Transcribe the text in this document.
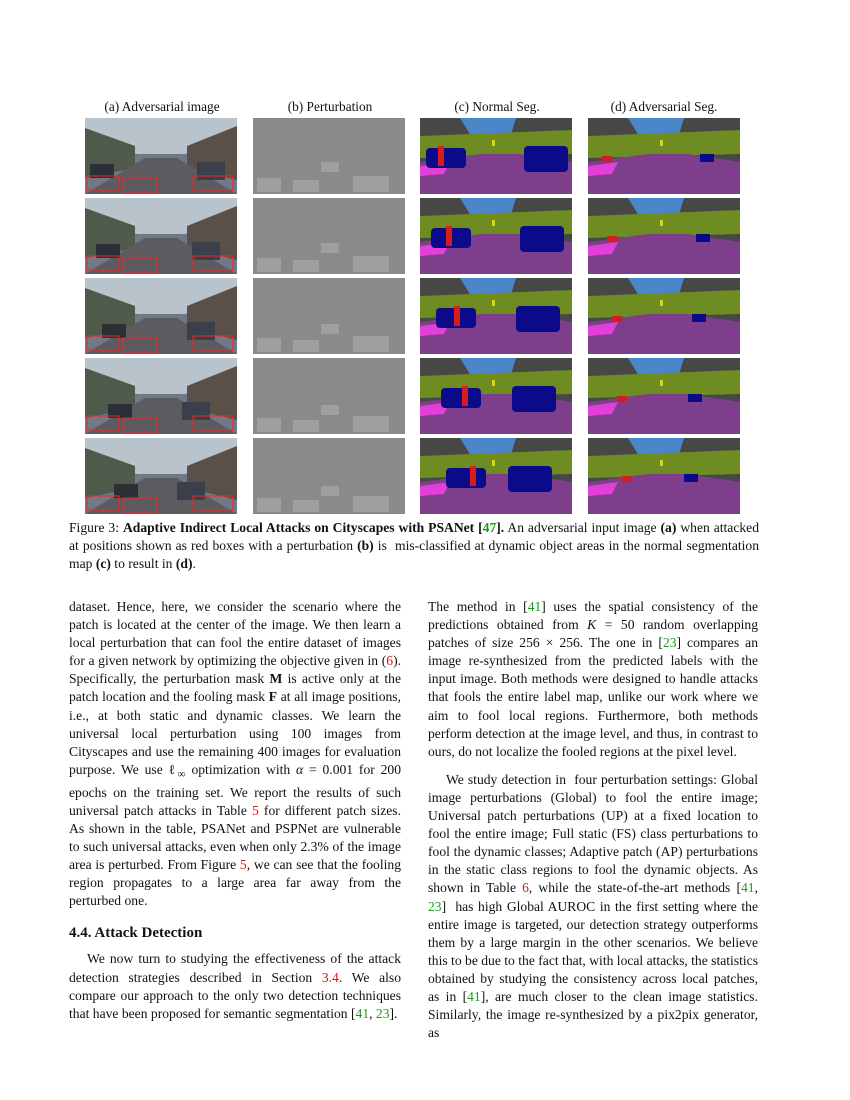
(a) Adversarial image	(b) Perturbation	(c) Normal Seg.	(d) Adversarial Seg.
Figure 3: Adaptive Indirect Local Attacks on Cityscapes with PSANet [47]. An adversarial input image (a) when attacked at positions shown as red boxes with a perturbation (b) is  mis-classified at dynamic object areas in the normal segmentation map (c) to result in (d).

dataset. Hence, here, we consider the scenario where the patch is located at the center of the image. We then learn a local perturbation that can fool the entire dataset of images for a given network by optimizing the objective given in (6). Specifically, the perturbation mask M is active only at the patch location and the fooling mask F at all image positions, i.e., at both static and dynamic classes. We learn the universal local perturbation using 100 images from Cityscapes and use the remaining 400 images for evaluation purpose. We use ℓ$_\infty$ optimization with α = 0.001 for 200 epochs on the training set. We report the results of such universal patch attacks in Table 5 for different patch sizes. As shown in the table, PSANet and PSPNet are vulnerable to such universal attacks, even when only 2.3% of the image area is perturbed. From Figure 5, we can see that the fooling region propagates to a large area far away from the perturbed one.

4.4. Attack Detection

We now turn to studying the effectiveness of the attack detection strategies described in Section 3.4. We also compare our approach to the only two detection techniques that have been proposed for semantic segmentation [41, 23].

The method in [41] uses the spatial consistency of the predictions obtained from K = 50 random overlapping patches of size 256 × 256. The one in [23] compares an image re-synthesized from the predicted labels with the input image. Both methods were designed to handle attacks that fools the entire label map, unlike our work where we aim to fool local regions. Furthermore, both methods perform detection at the image level, and thus, in contrast to ours, do not localize the fooled regions at the pixel level.

We study detection in  four perturbation settings: Global image perturbations (Global) to fool the entire image; Universal patch perturbations (UP) at a fixed location to fool the entire image; Full static (FS) class perturbations to fool the dynamic classes; Adaptive patch (AP) perturbations in the static class regions to fool the dynamic objects. As shown in Table 6, while the state-of-the-art methods [41, 23]  has high Global AUROC in the first setting where the entire image is targeted, our detection strategy outperforms them by a large margin in the other scenarios. We believe this to be due to the fact that, with local attacks, the statistics obtained by studying the consistency across local patches, as in [41], are much closer to the clean image statistics. Similarly, the image re-synthesized by a pix2pix generator, as
